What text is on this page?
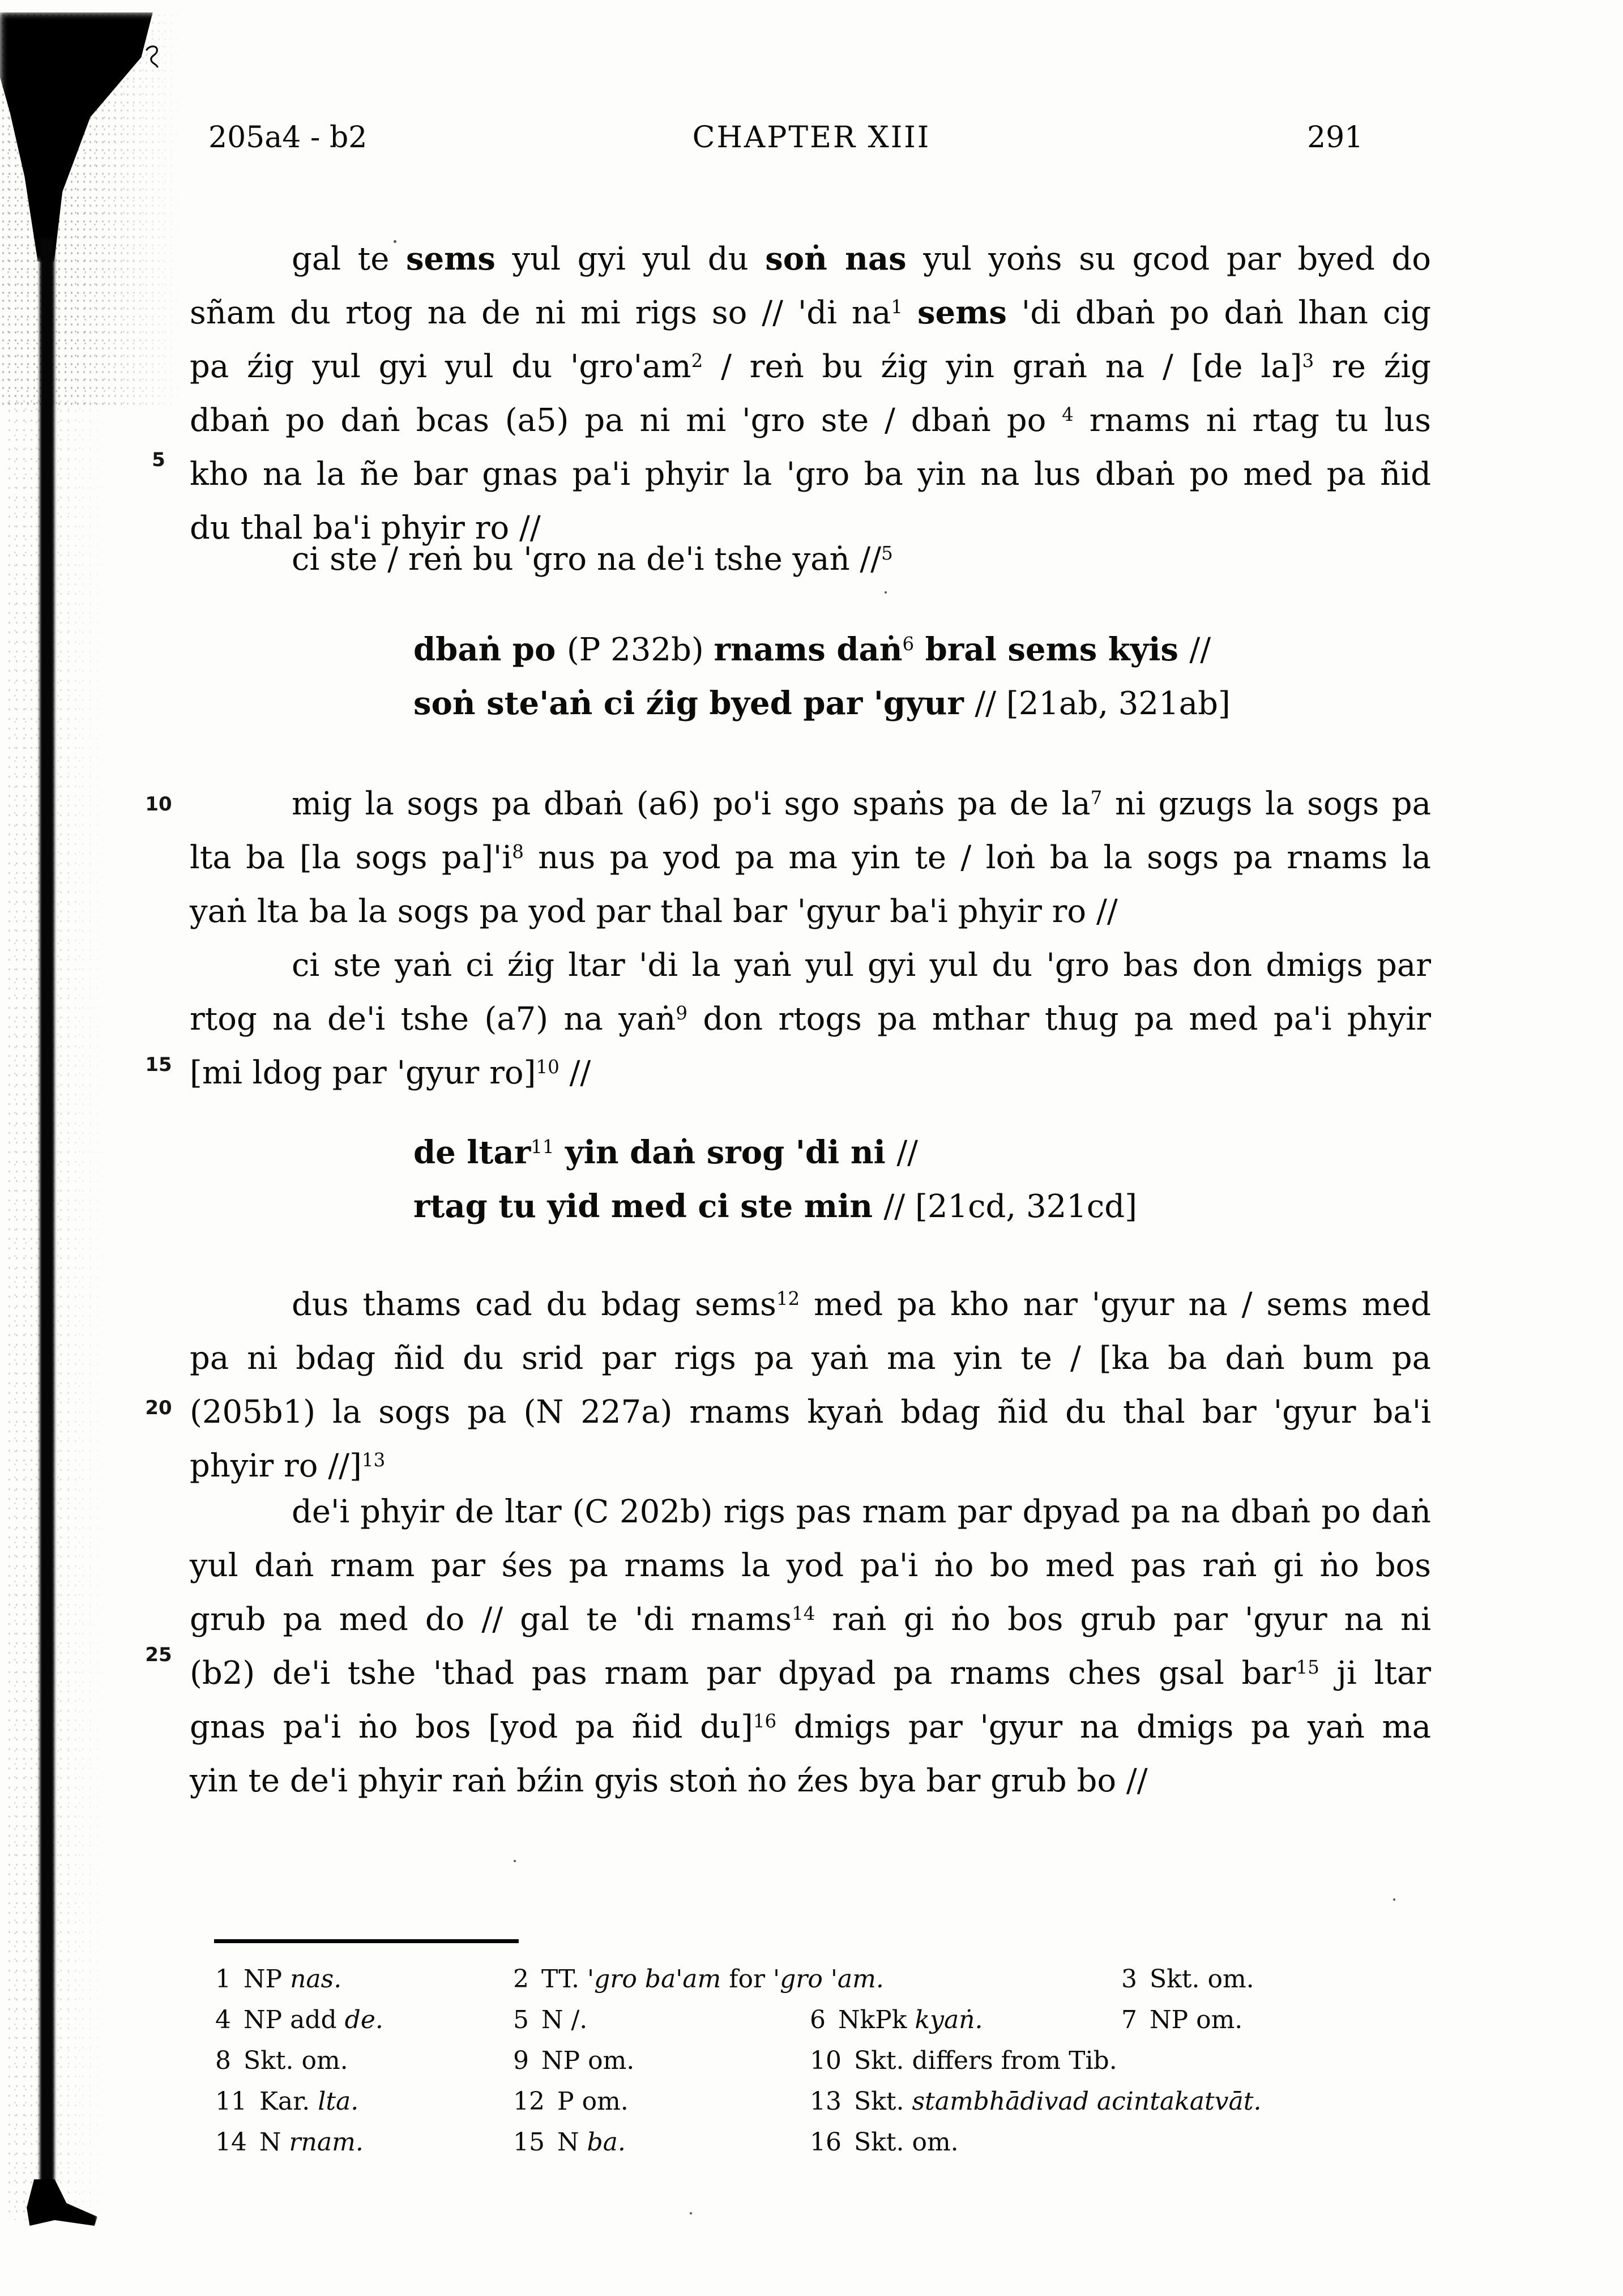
CHAPTER XIII
205a4 - b2	291
5
10
15
20
25
gal te sems yul gyi yul du soṅ nas yul yoṅs su gcod par byed do
sñam du rtog na de ni mi rigs so // 'di $na^1$ sems 'di dbaṅ po daṅ lhan cig
pa źig yul gyi yul du '$gro'am^2$ / reṅ bu źig yin graṅ na / [de la]$^3$ re źig
dbaṅ po daṅ bcas (a5) pa ni mi 'gro ste / dbaṅ po $^4$ rnams ni rtag tu lus
kho na la ñe bar gnas pa'i phyir la 'gro ba yin na lus dbaṅ po med pa ñid
du thal ba'i phyir ro //
ci ste / reṅ bu 'gro na de'i tshe yaṅ //$^5$
dbaṅ po (P 232b) rnams daṅ$^6$ bral sems kyis //
soṅ ste'aṅ ci źig byed par 'gyur // [21ab, 321ab]
mig la sogs pa dbaṅ (a6) po'i sgo spaṅs pa de $la^7$ ni gzugs la sogs pa
lta ba [la sogs $pa]'i^8$ nus pa yod pa ma yin te / loṅ ba la sogs pa rnams la
yaṅ lta ba la sogs pa yod par thal bar 'gyur ba'i phyir ro //
ci ste yaṅ ci źig ltar 'di la yaṅ yul gyi yul du 'gro bas don dmigs par
rtog na de'i tshe (a7) na yaṅ$^9$ don rtogs pa mthar thug pa med pa'i phyir
[mi ldog par 'gyur ro]$^{10}$ //
de ltar$^{11}$ yin daṅ srog 'di ni //
rtag tu yid med ci ste min // [21cd, 321cd]
dus thams cad du bdag sems$^{12}$ med pa kho nar 'gyur na / sems med
pa ni bdag ñid du srid par rigs pa yaṅ ma yin te / [ka ba daṅ bum pa
(205b1) la sogs pa (N 227a) rnams kyaṅ bdag ñid du thal bar 'gyur ba'i
phyir ro //]$^{13}$
de'i phyir de ltar (C 202b) rigs pas rnam par dpyad pa na dbaṅ po daṅ
yul daṅ rnam par śes pa rnams la yod pa'i ṅo bo med pas raṅ gi ṅo bos
grub pa med do // gal te 'di rnams$^{14}$ raṅ gi ṅo bos grub par 'gyur na ni
(b2) de'i tshe 'thad pas rnam par dpyad pa rnams ches gsal bar$^{15}$ ji ltar
gnas pa'i ṅo bos [yod pa ñid du]$^{16}$ dmigs par 'gyur na dmigs pa yaṅ ma
yin te de'i phyir raṅ bźin gyis stoṅ ṅo źes bya bar grub bo //
1 NP nas.	2 TT. 'gro ba'am for 'gro 'am.	3 Skt. om.
4 NP add de.	5 N /.	6 NkPk kyaṅ.	7 NP om.
8 Skt. om.	9 NP om.	10 Skt. differs from Tib.
11 Kar. lta.	12 P om.	13 Skt. stambhādivad acintakatvāt.
14 N rnam.	15 N ba.	16 Skt. om.
